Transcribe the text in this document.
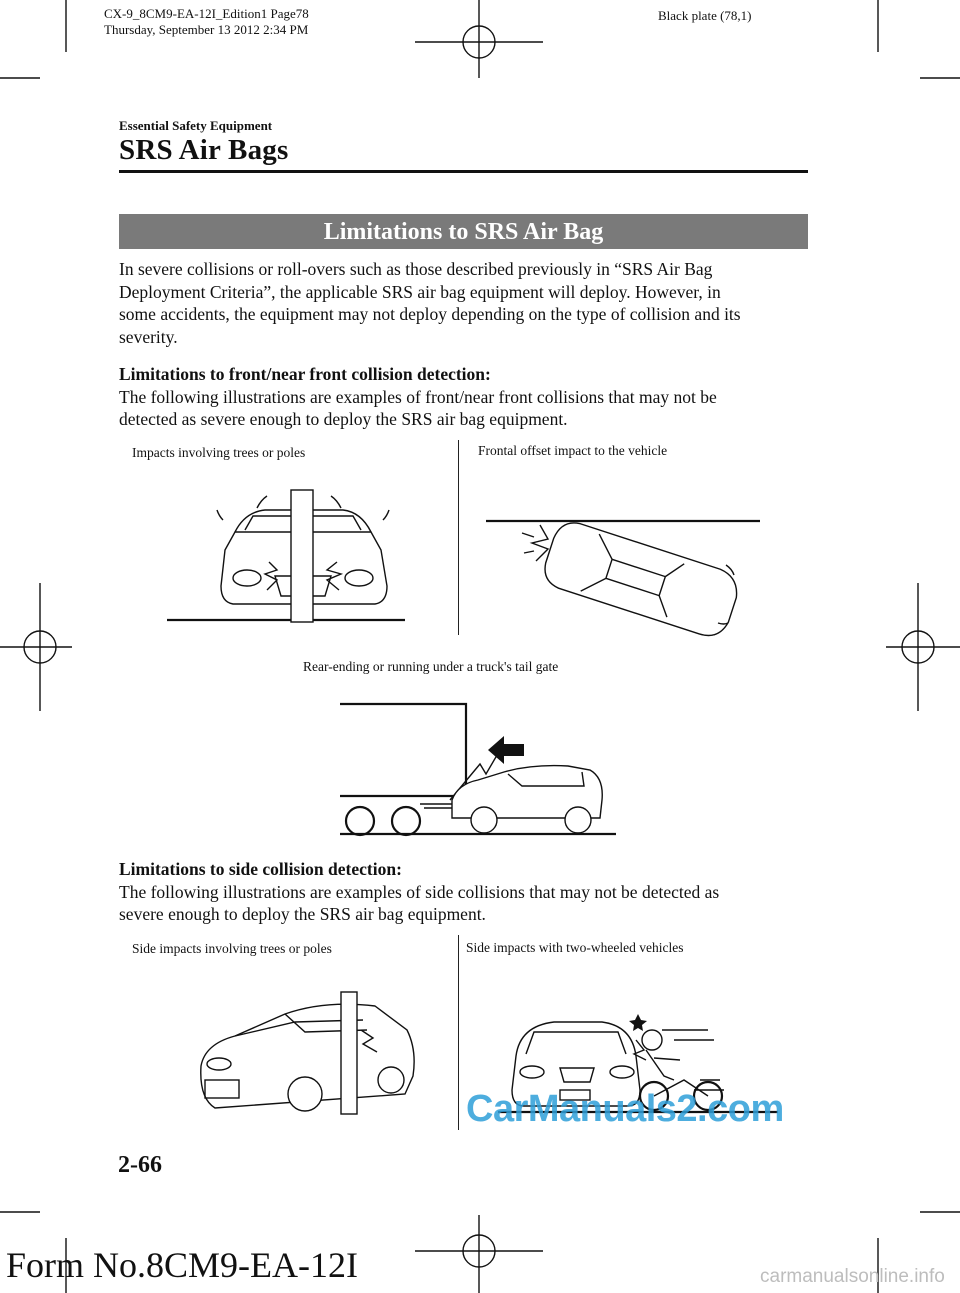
CX-9_8CM9-EA-12I_Edition1 Page78
Thursday, September 13 2012 2:34 PM
Black plate (78,1)
Essential Safety Equipment
SRS Air Bags
Limitations to SRS Air Bag
In severe collisions or roll-overs such as those described previously in “SRS Air Bag
Deployment Criteria”, the applicable SRS air bag equipment will deploy. However, in
some accidents, the equipment may not deploy depending on the type of collision and its
severity.
Limitations to front/near front collision detection:
The following illustrations are examples of front/near front collisions that may not be
detected as severe enough to deploy the SRS air bag equipment.
Impacts involving trees or poles	Frontal offset impact to the vehicle
Rear-ending or running under a truck's tail gate
Limitations to side collision detection:
The following illustrations are examples of side collisions that may not be detected as
severe enough to deploy the SRS air bag equipment.
Side impacts involving trees or poles	Side impacts with two-wheeled vehicles
CarManuals2.com
2-66
Form No.8CM9-EA-12I	carmanualsonline.info
